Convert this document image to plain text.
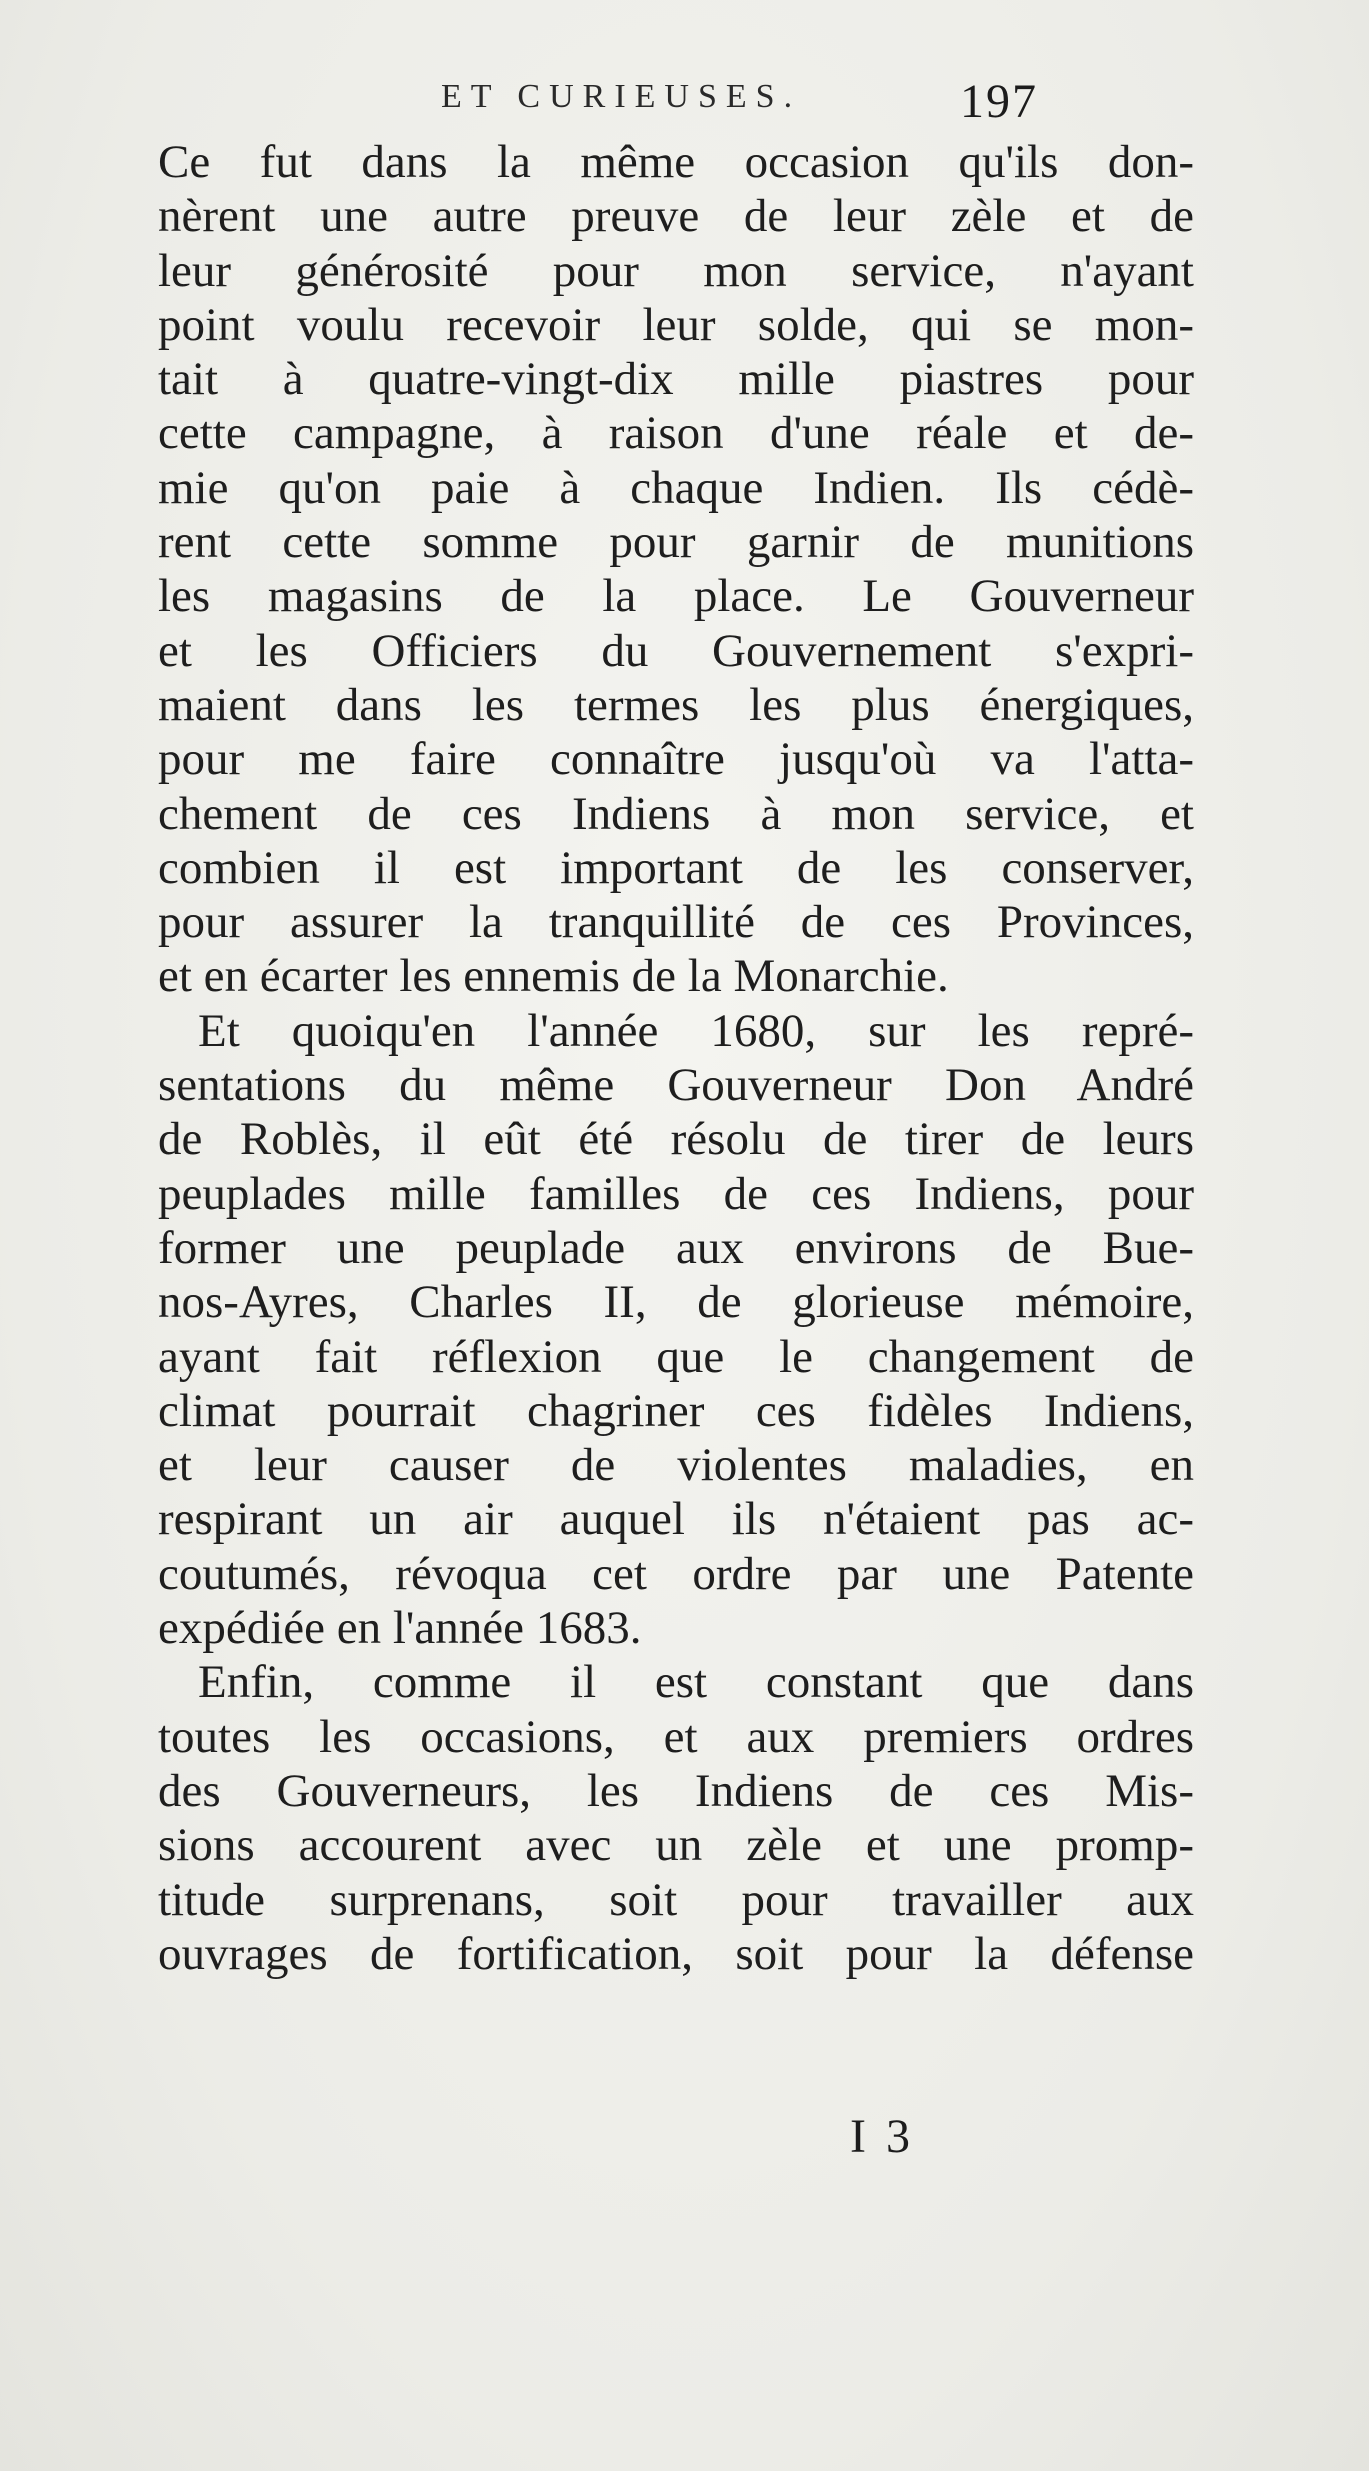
ET CURIEUSES.	197
Ce fut dans la même occasion qu'ils don-
nèrent une autre preuve de leur zèle et de
leur générosité pour mon service, n'ayant
point voulu recevoir leur solde, qui se mon-
tait à quatre-vingt-dix mille piastres pour
cette campagne, à raison d'une réale et de-
mie qu'on paie à chaque Indien. Ils cédè-
rent cette somme pour garnir de munitions
les magasins de la place. Le Gouverneur
et les Officiers du Gouvernement s'expri-
maient dans les termes les plus énergiques,
pour me faire connaître jusqu'où va l'atta-
chement de ces Indiens à mon service, et
combien il est important de les conserver,
pour assurer la tranquillité de ces Provinces,
et en écarter les ennemis de la Monarchie.
Et quoiqu'en l'année 1680, sur les repré-
sentations du même Gouverneur Don André
de Roblès, il eût été résolu de tirer de leurs
peuplades mille familles de ces Indiens, pour
former une peuplade aux environs de Bue-
nos-Ayres, Charles II, de glorieuse mémoire,
ayant fait réflexion que le changement de
climat pourrait chagriner ces fidèles Indiens,
et leur causer de violentes maladies, en
respirant un air auquel ils n'étaient pas ac-
coutumés, révoqua cet ordre par une Patente
expédiée en l'année 1683.
Enfin, comme il est constant que dans
toutes les occasions, et aux premiers ordres
des Gouverneurs, les Indiens de ces Mis-
sions accourent avec un zèle et une promp-
titude surprenans, soit pour travailler aux
ouvrages de fortification, soit pour la défense
I 3
